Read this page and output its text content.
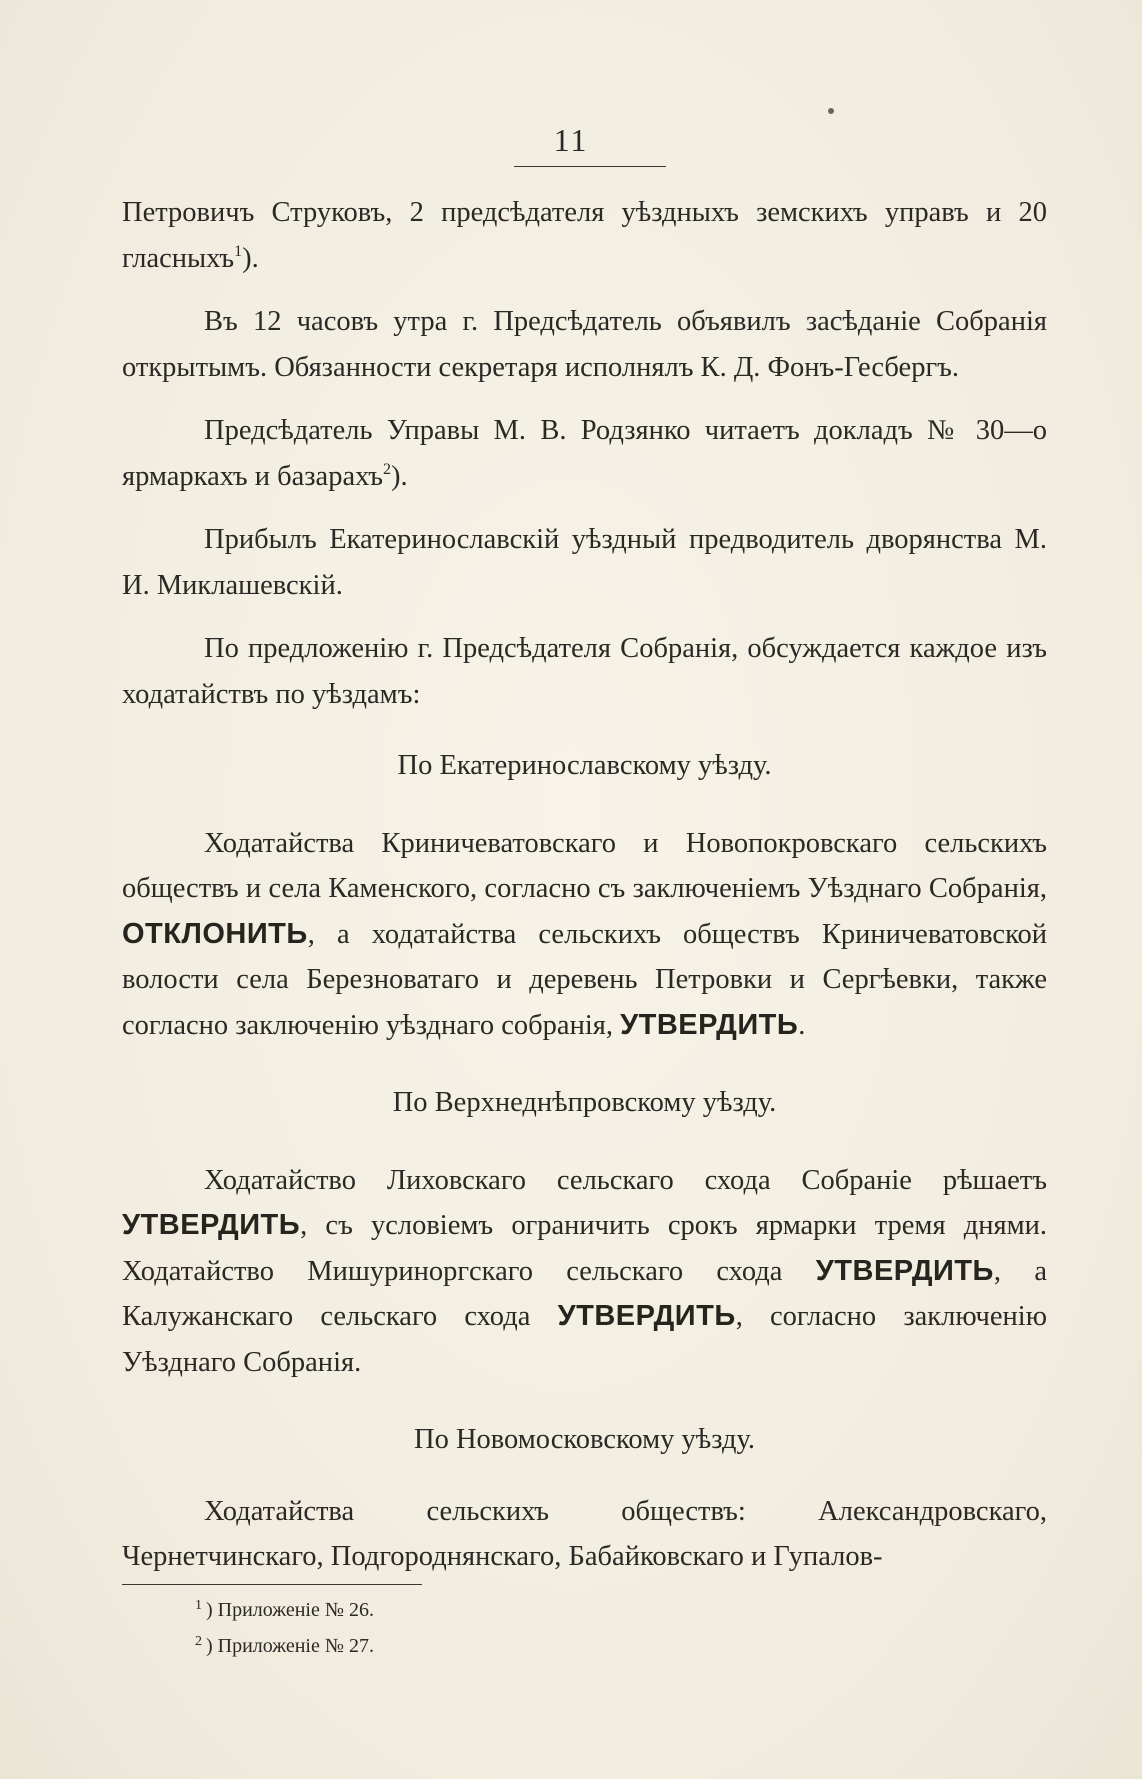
11

Петровичъ Струковъ, 2 предсѣдателя уѣздныхъ земскихъ управъ и 20 гласныхъ$^1$).

Въ 12 часовъ утра г. Предсѣдатель объявилъ засѣданіе Собранія открытымъ. Обязанности секретаря исполнялъ К. Д. Фонъ-Гесбергъ.

Предсѣдатель Управы М. В. Родзянко читаетъ докладъ № 30—о ярмаркахъ и базарахъ$^2$).

Прибылъ Екатеринославскій уѣздный предводитель дворянства М. И. Миклашевскій.

По предложенію г. Предсѣдателя Собранія, обсуждается каждое изъ ходатайствъ по уѣздамъ:

По Екатеринославскому уѣзду.

Ходатайства Криничеватовскаго и Новопокровскаго сельскихъ обществъ и села Каменского, согласно съ заключеніемъ Уѣзднаго Собранія, ОТКЛОНИТЬ, а ходатайства сельскихъ обществъ Криничеватовской волости села Березноватаго и деревень Петровки и Сергѣевки, также согласно заключенію уѣзднаго собранія, УТВЕРДИТЬ.

По Верхнеднѣпровскому уѣзду.

Ходатайство Лиховскаго сельскаго схода Собраніе рѣшаетъ УТВЕРДИТЬ, съ условіемъ ограничить срокъ ярмарки тремя днями. Ходатайство Мишуриноргскаго сельскаго схода УТВЕРДИТЬ, а Калужанскаго сельскаго схода УТВЕРДИТЬ, согласно заключенію Уѣзднаго Собранія.

По Новомосковскому уѣзду.

Ходатайства сельскихъ обществъ: Александровскаго, Чернетчинскаго, Подгороднянскаго, Бабайковскаго и Гупалов-

$^1$ ) Приложеніе № 26.
$^2$ ) Приложеніе № 27.
